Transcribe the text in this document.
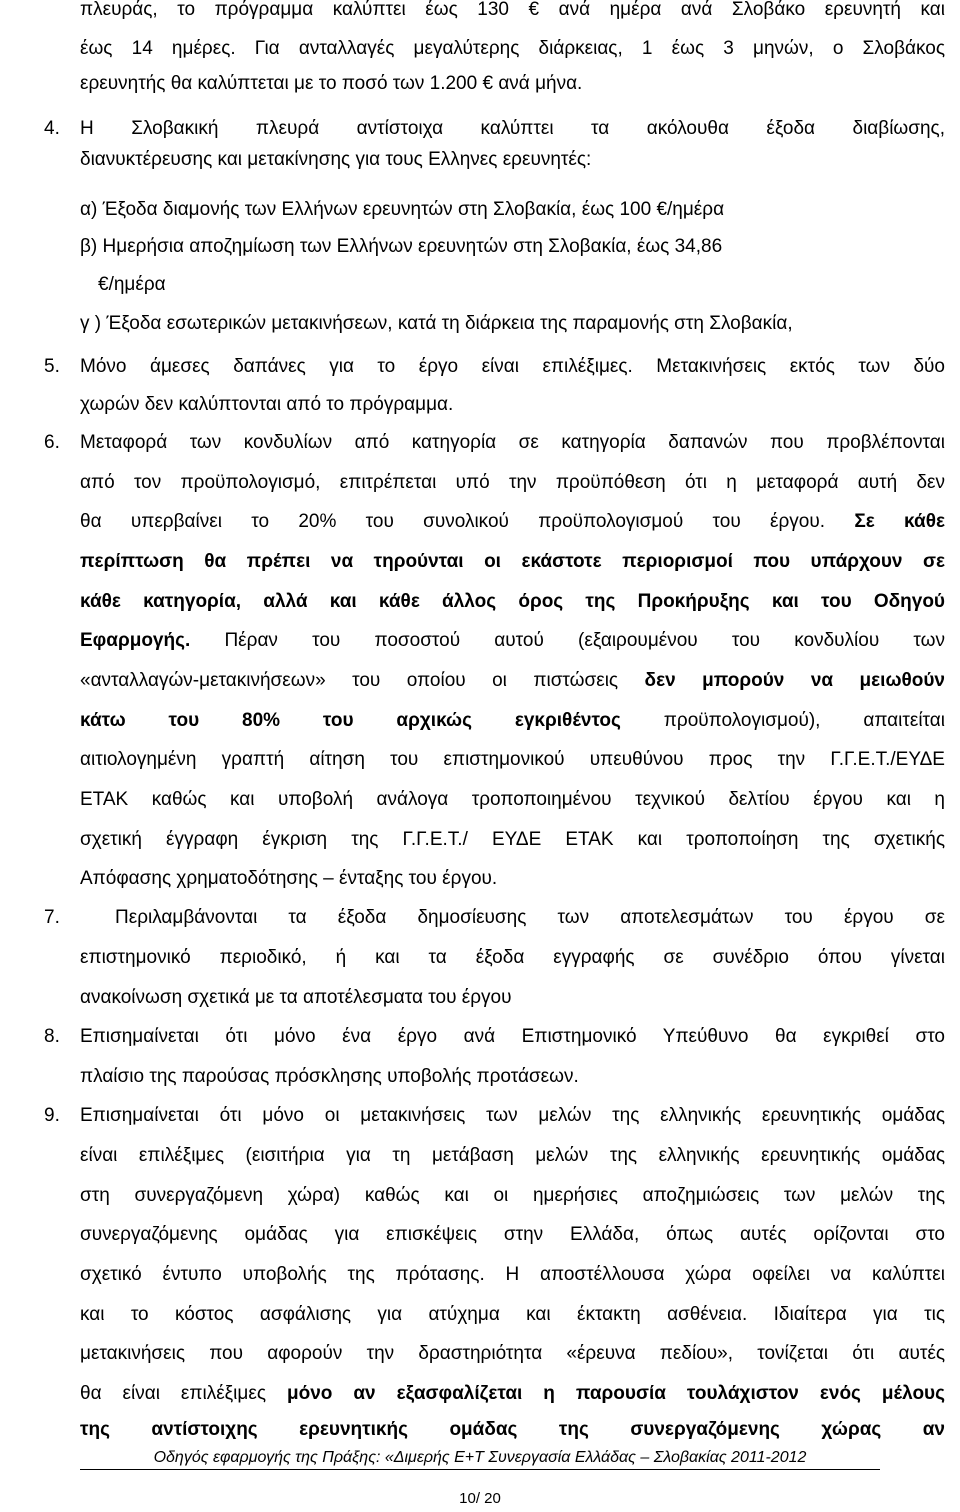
πλευράς, το πρόγραμμα καλύπτει έως 130 € ανά ημέρα ανά Σλοβάκο ερευνητή και
έως 14 ημέρες. Για ανταλλαγές μεγαλύτερης διάρκειας, 1 έως 3 μηνών, ο Σλοβάκος
ερευνητής θα καλύπτεται με το ποσό των 1.200 € ανά μήνα.
4. Η Σλοβακική πλευρά αντίστοιχα καλύπτει τα ακόλουθα έξοδα διαβίωσης,
διανυκτέρευσης και μετακίνησης για τους Ελληνες ερευνητές:
α) Έξοδα διαμονής των Ελλήνων ερευνητών στη Σλοβακία, έως 100 €/ημέρα
β) Ημερήσια αποζημίωση των Ελλήνων ερευνητών στη Σλοβακία, έως 34,86
€/ημέρα
γ ) Έξοδα εσωτερικών μετακινήσεων, κατά τη διάρκεια της παραμονής στη Σλοβακία,
5. Μόνο άμεσες δαπάνες για το έργο είναι επιλέξιμες. Μετακινήσεις εκτός των δύο
χωρών δεν καλύπτονται από το πρόγραμμα.
6. Μεταφορά των κονδυλίων από κατηγορία σε κατηγορία δαπανών που προβλέπονται
από τον προϋπολογισμό, επιτρέπεται υπό την προϋπόθεση ότι η μεταφορά αυτή δεν
θα υπερβαίνει το 20% του συνολικού προϋπολογισμού του έργου. Σε κάθε
περίπτωση θα πρέπει να τηρούνται οι εκάστοτε περιορισμοί που υπάρχουν σε
κάθε κατηγορία, αλλά και κάθε άλλος όρος της Προκήρυξης και του Οδηγού
Εφαρμογής. Πέραν του ποσοστού αυτού (εξαιρουμένου του κονδυλίου των
«ανταλλαγών-μετακινήσεων» του οποίου οι πιστώσεις δεν μπορούν να μειωθούν
κάτω του 80% του αρχικώς εγκριθέντος προϋπολογισμού), απαιτείται
αιτιολογημένη γραπτή αίτηση του επιστημονικού υπευθύνου προς την Γ.Γ.Ε.Τ./ΕΥΔΕ
ΕΤΑΚ καθώς και υποβολή ανάλογα τροποποιημένου τεχνικού δελτίου έργου και η
σχετική έγγραφη έγκριση της Γ.Γ.Ε.Τ./ ΕΥΔΕ ΕΤΑΚ και τροποποίηση της σχετικής
Απόφασης χρηματοδότησης – ένταξης του έργου.
7.	Περιλαμβάνονται τα έξοδα δημοσίευσης των αποτελεσμάτων του έργου σε
επιστημονικό περιοδικό, ή και τα έξοδα εγγραφής σε συνέδριο όπου γίνεται
ανακοίνωση σχετικά με τα αποτέλεσματα του έργου
8. Επισημαίνεται ότι μόνο ένα έργο ανά Επιστημονικό Υπεύθυνο θα εγκριθεί στο
πλαίσιο της παρούσας πρόσκλησης υποβολής προτάσεων.
9. Επισημαίνεται ότι μόνο οι μετακινήσεις των μελών της ελληνικής ερευνητικής ομάδας
είναι επιλέξιμες (εισιτήρια για τη μετάβαση μελών της ελληνικής ερευνητικής ομάδας
στη συνεργαζόμενη χώρα) καθώς και οι ημερήσιες αποζημιώσεις των μελών της
συνεργαζόμενης ομάδας για επισκέψεις στην Ελλάδα, όπως αυτές ορίζονται στο
σχετικό έντυπο υποβολής της πρότασης. Η αποστέλλουσα χώρα οφείλει να καλύπτει
και το κόστος ασφάλισης για ατύχημα και έκτακτη ασθένεια. Ιδιαίτερα για τις
μετακινήσεις που αφορούν την δραστηριότητα «έρευνα πεδίου», τονίζεται ότι αυτές
θα είναι επιλέξιμες μόνο αν εξασφαλίζεται η παρουσία τουλάχιστον ενός μέλους
της αντίστοιχης ερευνητικής ομάδας της συνεργαζόμενης χώρας αν
Οδηγός εφαρμογής της Πράξης: «Διμερής Ε+Τ Συνεργασία Ελλάδας – Σλοβακίας 2011-2012
10/ 20
